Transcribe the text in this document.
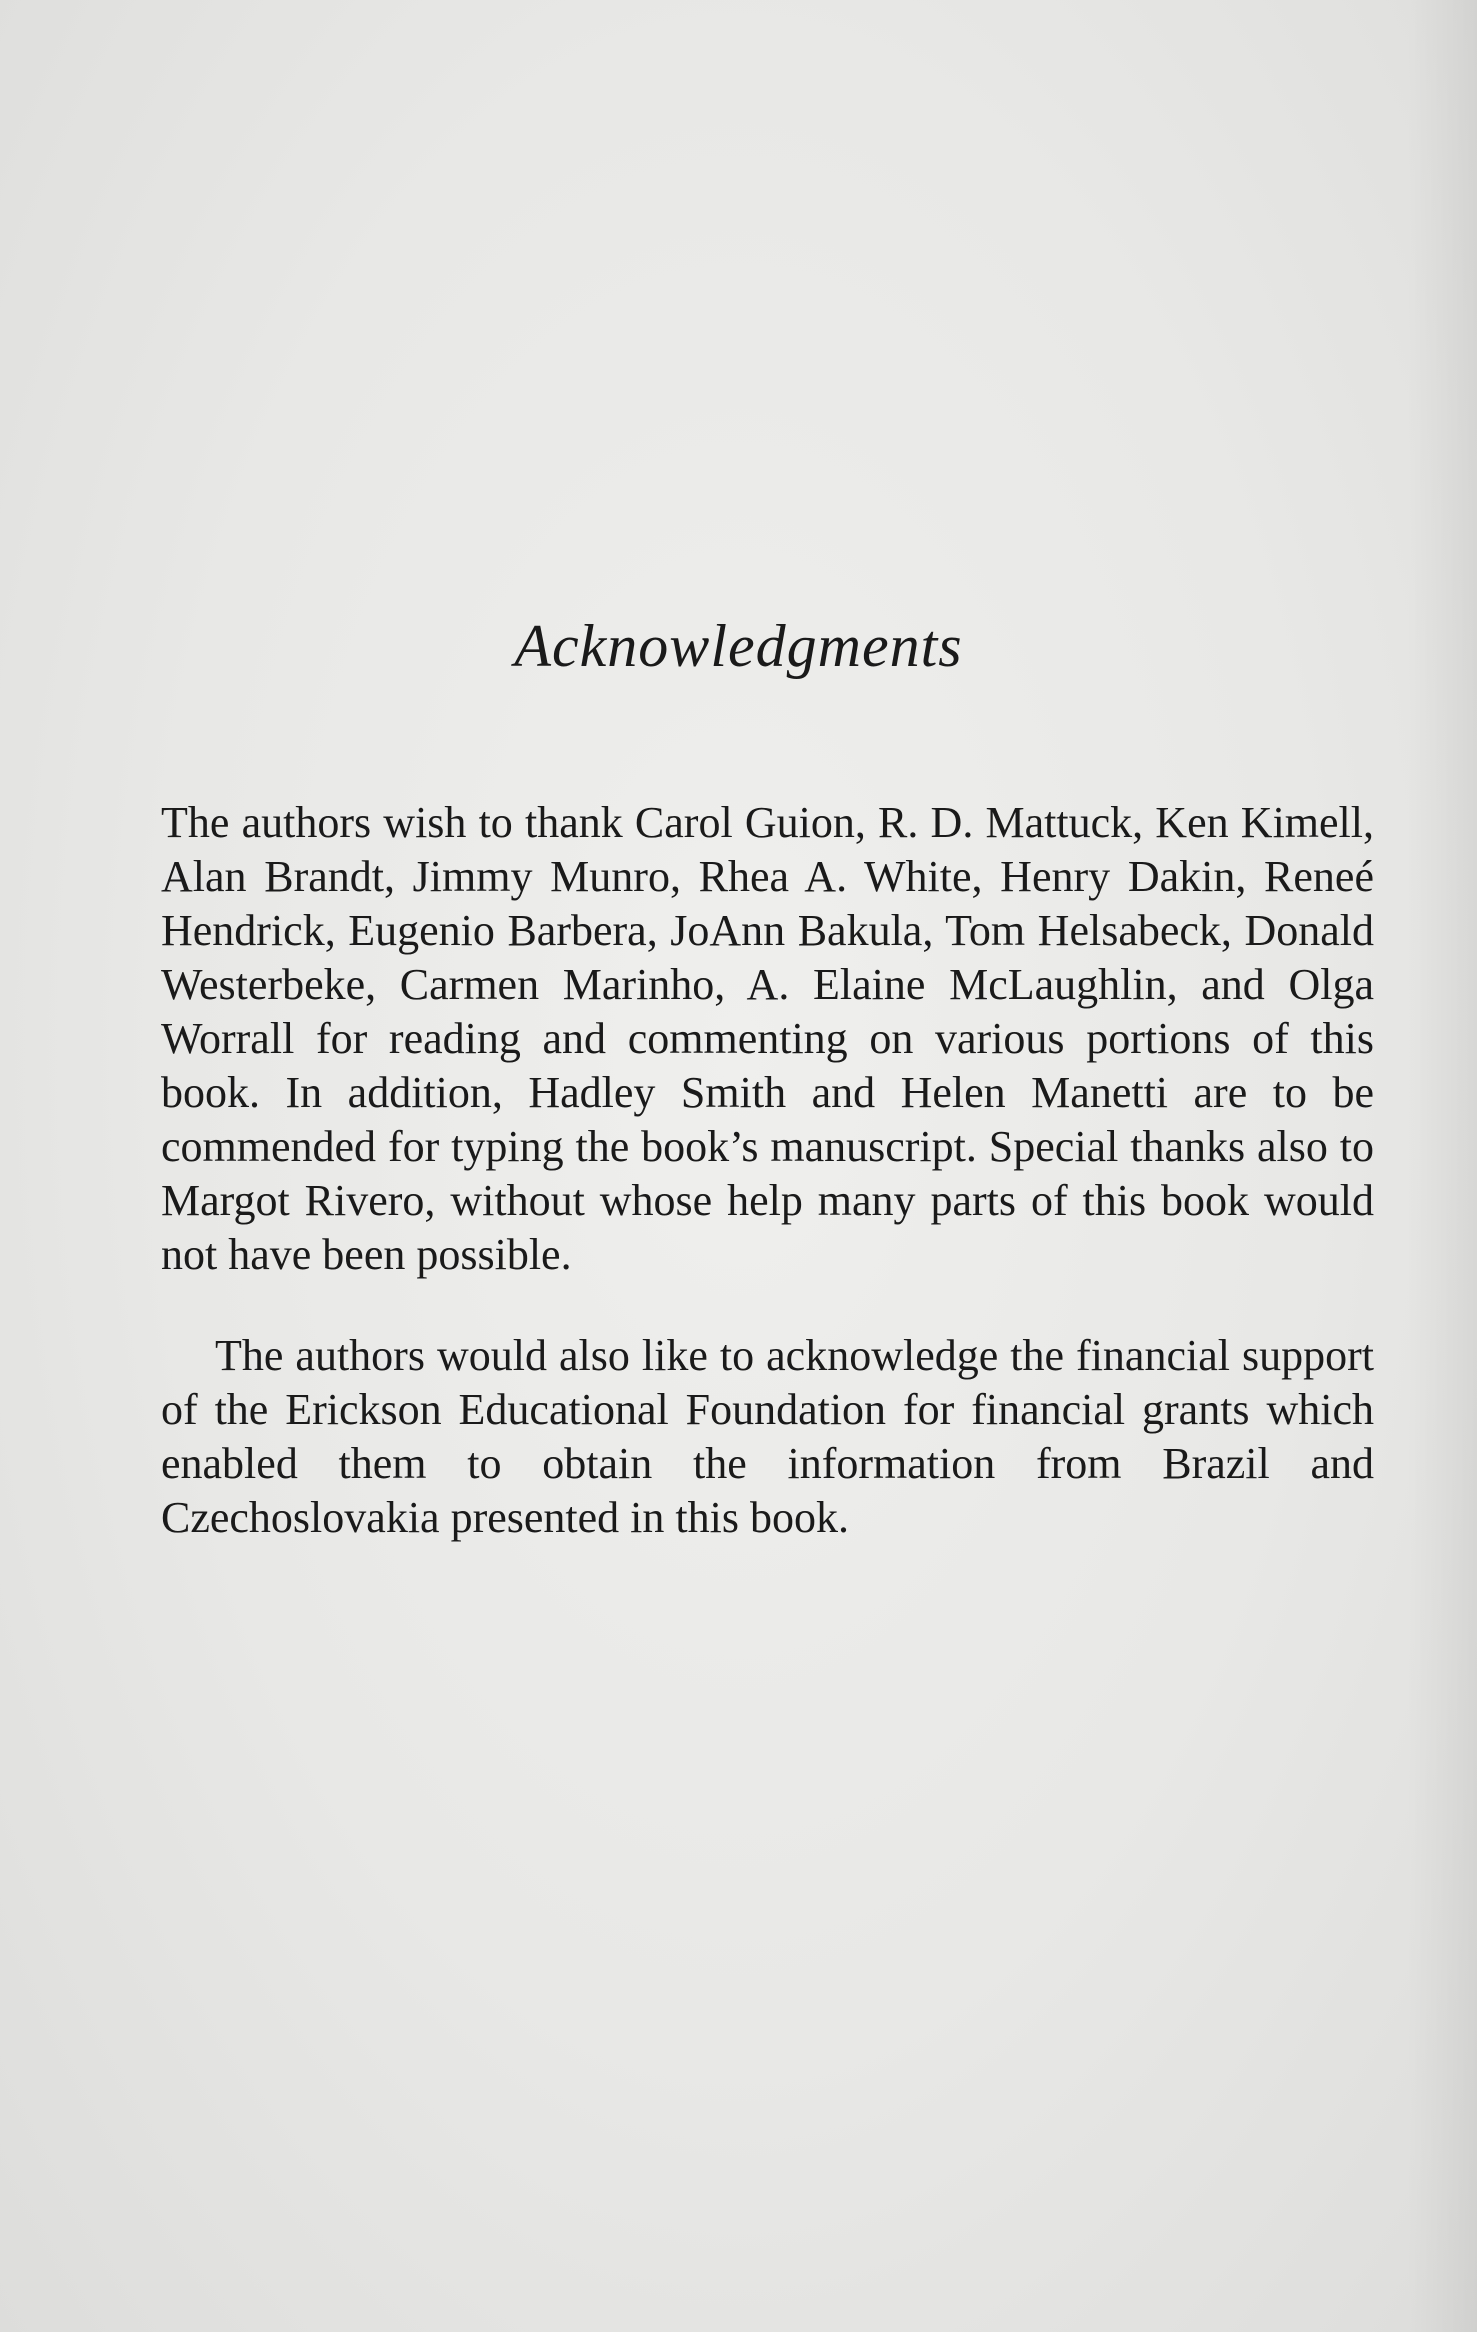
Acknowledgments

The authors wish to thank Carol Guion, R. D. Mattuck, Ken Kimell, Alan Brandt, Jimmy Munro, Rhea A. White, Henry Dakin, Reneé Hendrick, Eugenio Barbera, JoAnn Bakula, Tom Helsabeck, Donald Westerbeke, Carmen Marinho, A. Elaine McLaughlin, and Olga Worrall for reading and commenting on various portions of this book. In addition, Hadley Smith and Helen Manetti are to be commended for typing the book’s manuscript. Special thanks also to Margot Rivero, without whose help many parts of this book would not have been possible.

The authors would also like to acknowledge the financial support of the Erickson Educational Foundation for financial grants which enabled them to obtain the information from Brazil and Czechoslovakia presented in this book.
